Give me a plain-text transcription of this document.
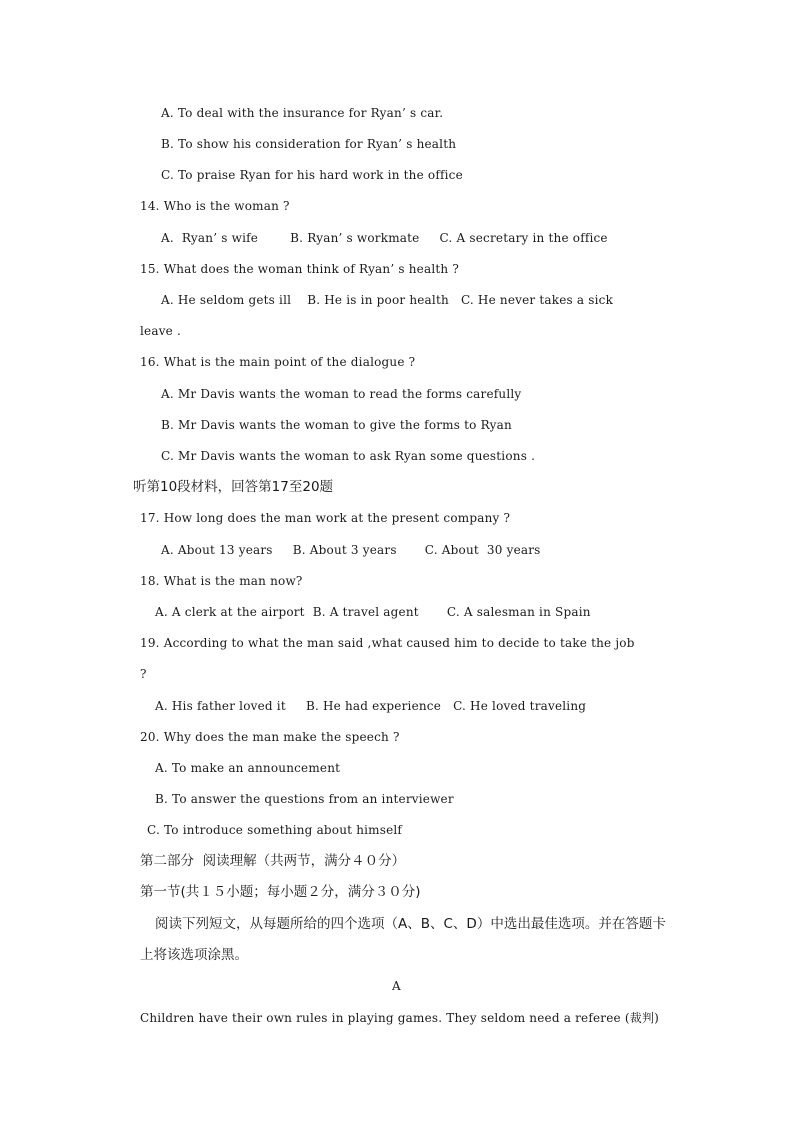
A. To deal with the insurance for Ryan’ s car.
B. To show his consideration for Ryan’ s health
C. To praise Ryan for his hard work in the office
14. Who is the woman ?
A.  Ryan’ s wife        B. Ryan’ s workmate     C. A secretary in the office
15. What does the woman think of Ryan’ s health ?
A. He seldom gets ill    B. He is in poor health   C. He never takes a sick
leave .
16. What is the main point of the dialogue ?
A. Mr Davis wants the woman to read the forms carefully
B. Mr Davis wants the woman to give the forms to Ryan
C. Mr Davis wants the woman to ask Ryan some questions .
听第10段材料，回答第17至20题
17. How long does the man work at the present company ?
A. About 13 years     B. About 3 years       C. About  30 years
18. What is the man now?
A. A clerk at the airport  B. A travel agent       C. A salesman in Spain
19. According to what the man said ,what caused him to decide to take the job
?
A. His father loved it     B. He had experience   C. He loved traveling
20. Why does the man make the speech ?
A. To make an announcement
B. To answer the questions from an interviewer
C. To introduce something about himself
第二部分  阅读理解（共两节，满分４０分）
第一节(共１５小题；每小题２分，满分３０分)
阅读下列短文，从每题所给的四个选项（A、B、C、D）中选出最佳选项。并在答题卡
上将该选项涂黑。
A
Children have their own rules in playing games. They seldom need a referee (裁判)
